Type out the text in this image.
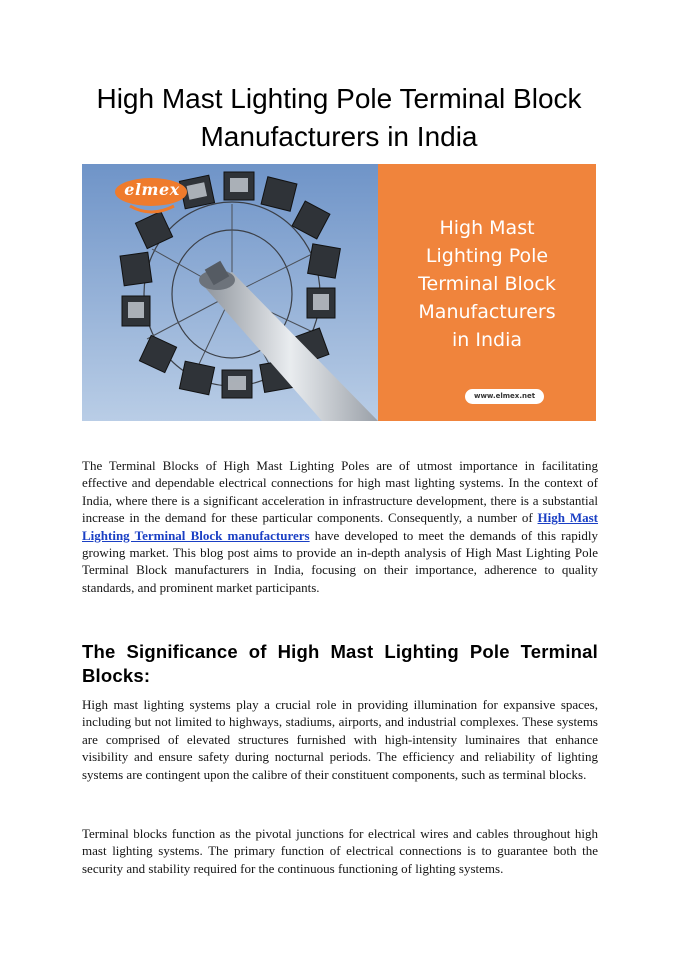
High Mast Lighting Pole Terminal Block Manufacturers in India
elmex
High Mast
Lighting Pole
Terminal Block
Manufacturers
in India
www.elmex.net

The Terminal Blocks of High Mast Lighting Poles are of utmost importance in facilitating effective and dependable electrical connections for high mast lighting systems. In the context of India, where there is a significant acceleration in infrastructure development, there is a substantial increase in the demand for these particular components. Consequently, a number of High Mast Lighting Terminal Block manufacturers have developed to meet the demands of this rapidly growing market. This blog post aims to provide an in-depth analysis of High Mast Lighting Pole Terminal Block manufacturers in India, focusing on their importance, adherence to quality standards, and prominent market participants.

The Significance of High Mast Lighting Pole Terminal Blocks:

High mast lighting systems play a crucial role in providing illumination for expansive spaces, including but not limited to highways, stadiums, airports, and industrial complexes. These systems are comprised of elevated structures furnished with high-intensity luminaires that enhance visibility and ensure safety during nocturnal periods. The efficiency and reliability of lighting systems are contingent upon the calibre of their constituent components, such as terminal blocks.

Terminal blocks function as the pivotal junctions for electrical wires and cables throughout high mast lighting systems. The primary function of electrical connections is to guarantee both the security and stability required for the continuous functioning of lighting systems.
